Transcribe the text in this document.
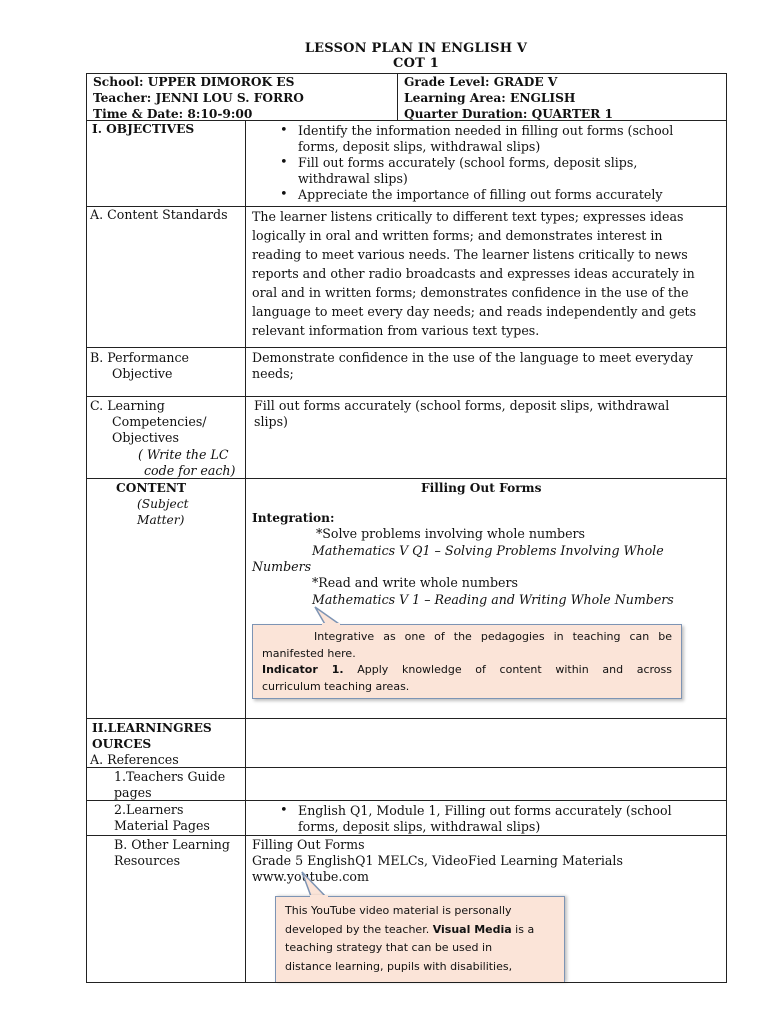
LESSON PLAN IN ENGLISH V
COT 1
School: UPPER DIMOROK ES
Teacher: JENNI LOU S. FORRO
Time & Date: 8:10-9:00
Grade Level: GRADE V
Learning Area: ENGLISH
Quarter Duration: QUARTER 1
I. OBJECTIVES
•	Identify the information needed in filling out forms (school
forms, deposit slips, withdrawal slips)
• Fill out forms accurately (school forms, deposit slips,
withdrawal slips)
• Appreciate the importance of filling out forms accurately
A. Content Standards The learner listens critically to different text types; expresses ideas
logically in oral and written forms; and demonstrates interest in
reading to meet various needs. The learner listens critically to news
reports and other radio broadcasts and expresses ideas accurately in
oral and in written forms; demonstrates confidence in the use of the
language to meet every day needs; and reads independently and gets
relevant information from various text types.
B. Performance
Objective
Demonstrate confidence in the use of the language to meet everyday
needs;
C. Learning
Competencies/
Objectives
( Write the LC
code for each)
Fill out forms accurately (school forms, deposit slips, withdrawal
slips)
CONTENT
(Subject
Matter)
Filling Out Forms
Integration:
*Solve problems involving whole numbers
Mathematics V Q1 – Solving Problems Involving Whole
Numbers
*Read and write whole numbers
Mathematics V 1 – Reading and Writing Whole Numbers
Integrative as one of the pedagogies in teaching can be
manifested here.
Indicator 1. Apply knowledge of content within and across
curriculum teaching areas.
II.LEARNINGRES
OURCES
A. References
1.Teachers Guide
pages
2.Learners
Material Pages
• English Q1, Module 1, Filling out forms accurately (school
forms, deposit slips, withdrawal slips)
B. Other Learning
Resources
Filling Out Forms
Grade 5 EnglishQ1 MELCs, VideoFied Learning Materials
www.youtube.com
This YouTube video material is personally
developed by the teacher. Visual Media is a
teaching strategy that can be used in
distance learning, pupils with disabilities,
